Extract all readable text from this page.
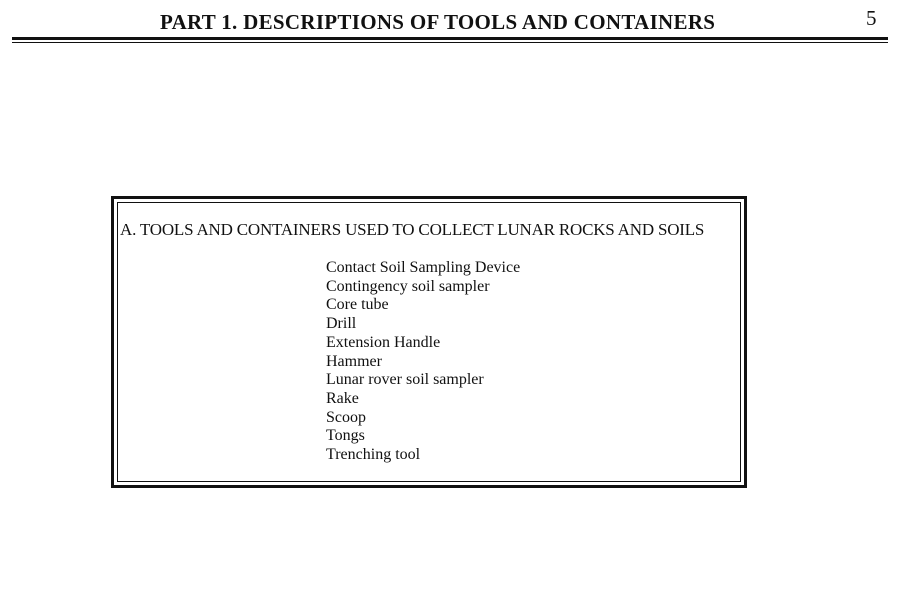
PART 1. DESCRIPTIONS OF TOOLS AND CONTAINERS	5
A. TOOLS AND CONTAINERS USED TO COLLECT LUNAR ROCKS AND SOILS
Contact Soil Sampling Device
Contingency soil sampler
Core tube
Drill
Extension Handle
Hammer
Lunar rover soil sampler
Rake
Scoop
Tongs
Trenching tool
